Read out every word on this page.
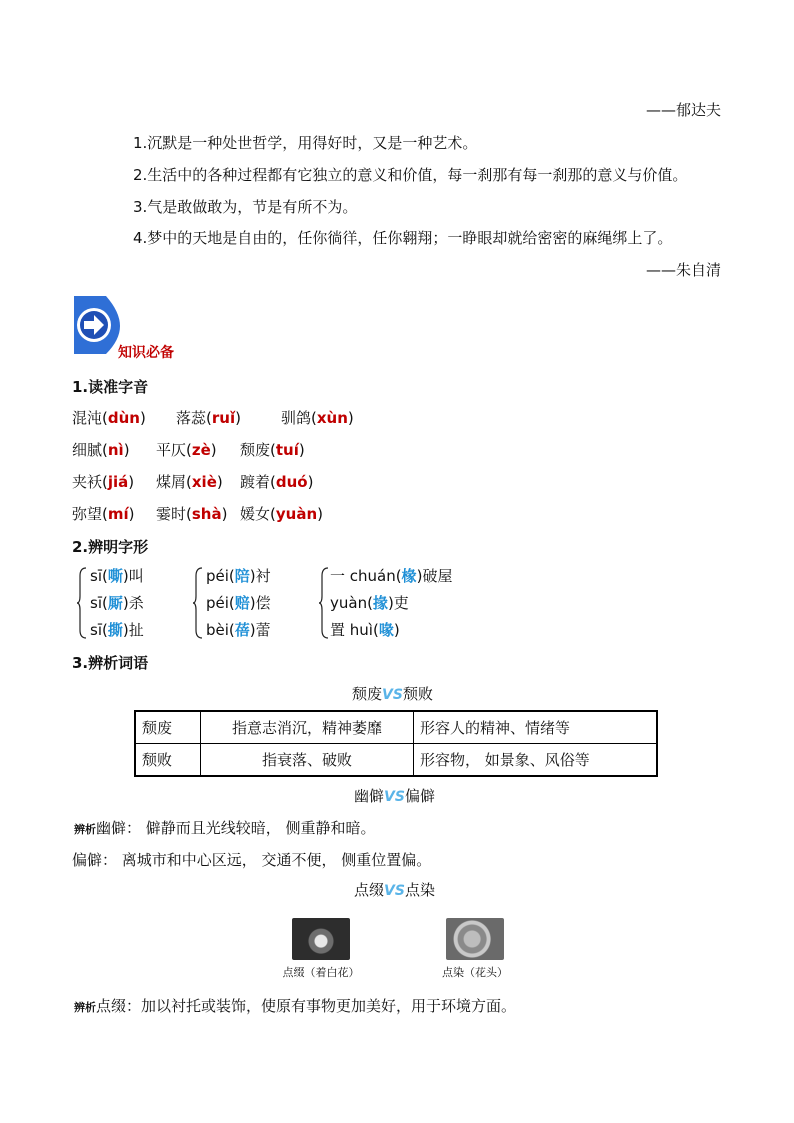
——郁达夫
1.沉默是一种处世哲学，用得好时，又是一种艺术。
2.生活中的各种过程都有它独立的意义和价值，每一刹那有每一刹那的意义与价值。
3.气是敢做敢为，节是有所不为。
4.梦中的天地是自由的，任你徜徉，任你翱翔；一睁眼却就给密密的麻绳绑上了。
——朱自清
知识必备
1.读准字音
混沌(dùn) 落蕊(ruǐ)	驯鸽(xùn)
细腻(nì) 平仄(zè) 颓废(tuí)
夹袄(jiá) 煤屑(xiè) 踱着(duó)
弥望(mí) 霎时(shà) 媛女(yuàn)
2.辨明字形
sī(嘶)叫
sī(厮)杀
sī(撕)扯
péi(陪)衬
péi(赔)偿
bèi(蓓)蕾
一 chuán(椽)破屋
yuàn(掾)吏
置 huì(喙)
3.辨析词语
颓废VS颓败
颓废	指意志消沉，精神萎靡	形容人的精神、情绪等
颓败	指衰落、破败	形容物， 如景象、风俗等
幽僻VS偏僻
辨析幽僻： 僻静而且光线较暗， 侧重静和暗。
偏僻： 离城市和中心区远， 交通不便， 侧重位置偏。
点缀VS点染
点缀（着白花）	点染（花头）
辨析点缀：加以衬托或装饰，使原有事物更加美好，用于环境方面。
